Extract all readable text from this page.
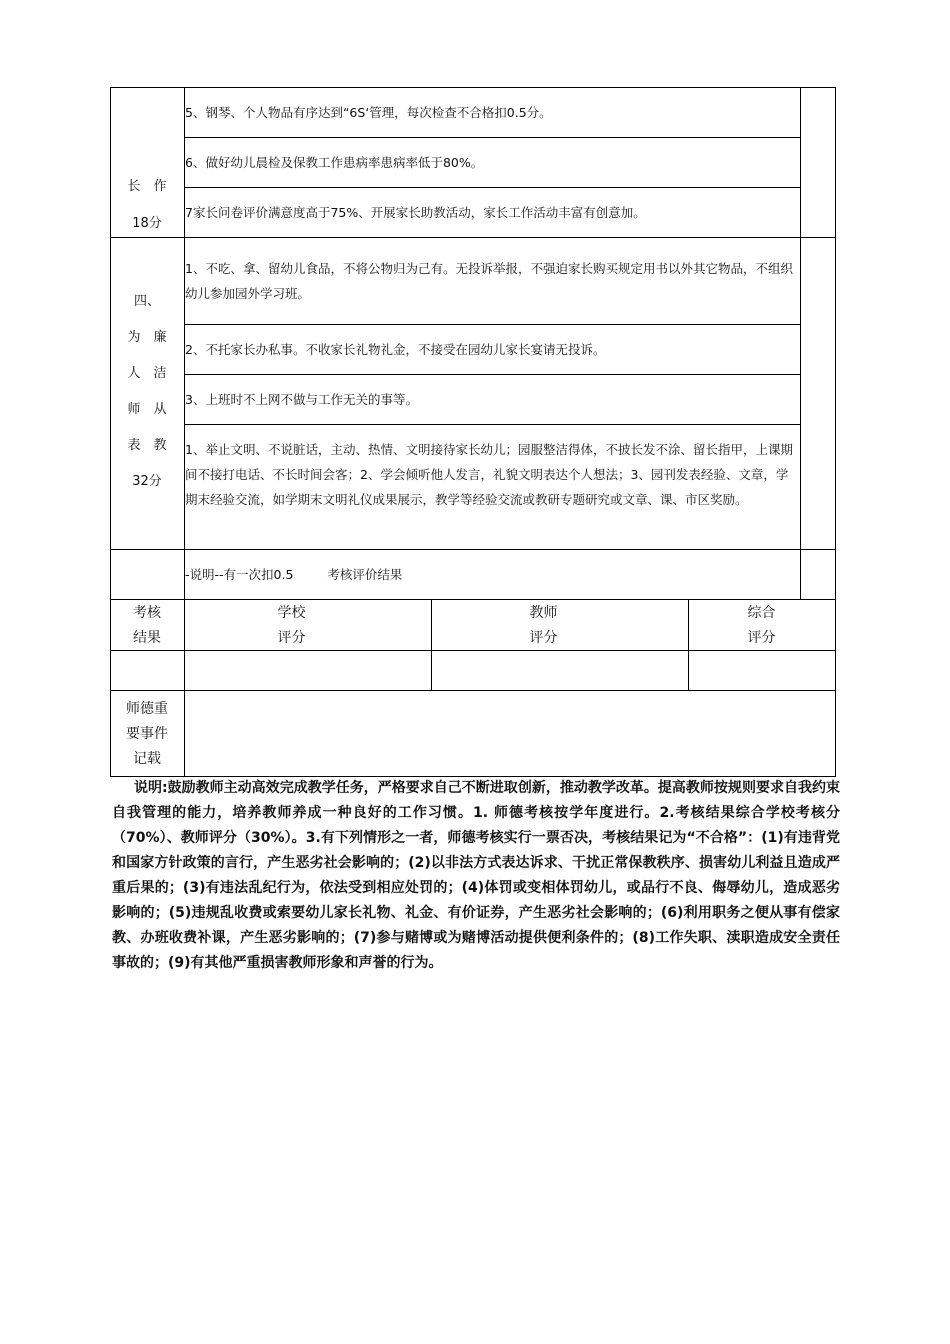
长　作
18分
5、钢琴、个人物品有序达到“6S‘管理，每次检查不合格扣0.5分。
6、做好幼儿晨检及保教工作患病率患病率低于80%。
7家长问卷评价满意度高于75%、开展家长助教活动，家长工作活动丰富有创意加。
四、
为　廉
人　洁
师　从
表　教
32分
1、不吃、拿、留幼儿食品，不将公物归为己有。无投诉举报，不强迫家长购买规定用书以外其它物品，不组织幼儿参加园外学习班。
2、不托家长办私事。不收家长礼物礼金，不接受在园幼儿家长宴请无投诉。
3、上班时不上网不做与工作无关的事等。
1、举止文明、不说脏话，主动、热情、文明接待家长幼儿；园服整洁得体，不披长发不涂、留长指甲，上课期间不接打电话、不长时间会客；2、学会倾听他人发言，礼貌文明表达个人想法；3、园刊发表经验、文章，学期末经验交流，如学期末文明礼仪成果展示，教学等经验交流或教研专题研究或文章、课、市区奖励。
-说明--有一次扣0.5	考核评价结果
考核
结果
学校
评分
教师
评分
综合
评分
师德重
要事件
记载
说明:鼓励教师主动高效完成教学任务，严格要求自己不断进取创新，推动教学改革。提高教师按规则要求自我约束自我管理的能力，培养教师养成一种良好的工作习惯。1. 师德考核按学年度进行。2.考核结果综合学校考核分（70%）、教师评分（30%）。3.有下列情形之一者，师德考核实行一票否决，考核结果记为“不合格”：(1)有违背党和国家方针政策的言行，产生恶劣社会影响的；(2)以非法方式表达诉求、干扰正常保教秩序、损害幼儿利益且造成严重后果的；(3)有违法乱纪行为，依法受到相应处罚的；(4)体罚或变相体罚幼儿，或品行不良、侮辱幼儿，造成恶劣影响的；(5)违规乱收费或索要幼儿家长礼物、礼金、有价证券，产生恶劣社会影响的；(6)利用职务之便从事有偿家教、办班收费补课，产生恶劣影响的；(7)参与赌博或为赌博活动提供便利条件的；(8)工作失职、渎职造成安全责任事故的；(9)有其他严重损害教师形象和声誉的行为。
